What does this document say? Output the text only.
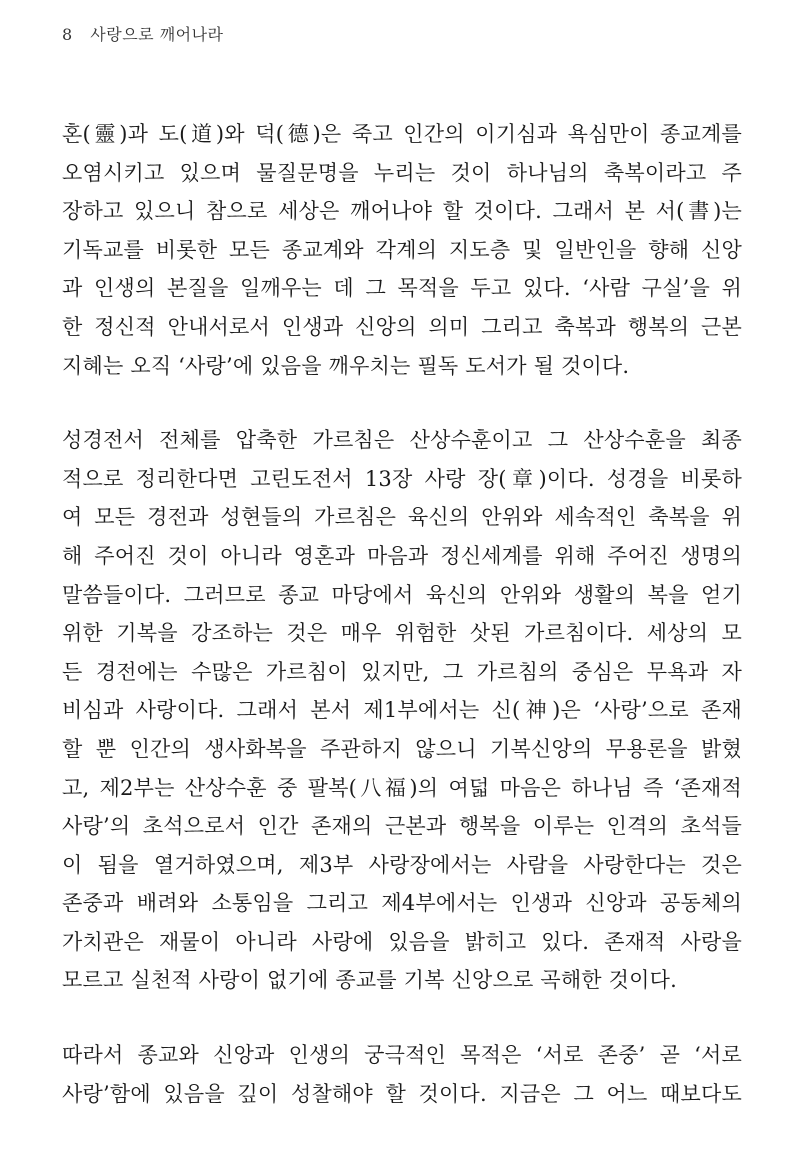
8 사랑으로 깨어나라
혼(靈)과 도(道)와 덕(德)은 죽고 인간의 이기심과 욕심만이 종교계를
오염시키고 있으며 물질문명을 누리는 것이 하나님의 축복이라고 주
장하고 있으니 참으로 세상은 깨어나야 할 것이다. 그래서 본 서(書)는
기독교를 비롯한 모든 종교계와 각계의 지도층 및 일반인을 향해 신앙
과 인생의 본질을 일깨우는 데 그 목적을 두고 있다. ‘사람 구실’을 위
한 정신적 안내서로서 인생과 신앙의 의미 그리고 축복과 행복의 근본
지혜는 오직 ‘사랑’에 있음을 깨우치는 필독 도서가 될 것이다.
성경전서 전체를 압축한 가르침은 산상수훈이고 그 산상수훈을 최종
적으로 정리한다면 고린도전서 13장 사랑 장(章)이다. 성경을 비롯하
여 모든 경전과 성현들의 가르침은 육신의 안위와 세속적인 축복을 위
해 주어진 것이 아니라 영혼과 마음과 정신세계를 위해 주어진 생명의
말씀들이다. 그러므로 종교 마당에서 육신의 안위와 생활의 복을 얻기
위한 기복을 강조하는 것은 매우 위험한 삿된 가르침이다. 세상의 모
든 경전에는 수많은 가르침이 있지만, 그 가르침의 중심은 무욕과 자
비심과 사랑이다. 그래서 본서 제1부에서는 신(神)은 ‘사랑’으로 존재
할 뿐 인간의 생사화복을 주관하지 않으니 기복신앙의 무용론을 밝혔
고, 제2부는 산상수훈 중 팔복(八福)의 여덟 마음은 하나님 즉 ‘존재적
사랑’의 초석으로서 인간 존재의 근본과 행복을 이루는 인격의 초석들
이 됨을 열거하였으며, 제3부 사랑장에서는 사람을 사랑한다는 것은
존중과 배려와 소통임을 그리고 제4부에서는 인생과 신앙과 공동체의
가치관은 재물이 아니라 사랑에 있음을 밝히고 있다. 존재적 사랑을
모르고 실천적 사랑이 없기에 종교를 기복 신앙으로 곡해한 것이다.
따라서 종교와 신앙과 인생의 궁극적인 목적은 ‘서로 존중’ 곧 ‘서로
사랑’함에 있음을 깊이 성찰해야 할 것이다. 지금은 그 어느 때보다도
